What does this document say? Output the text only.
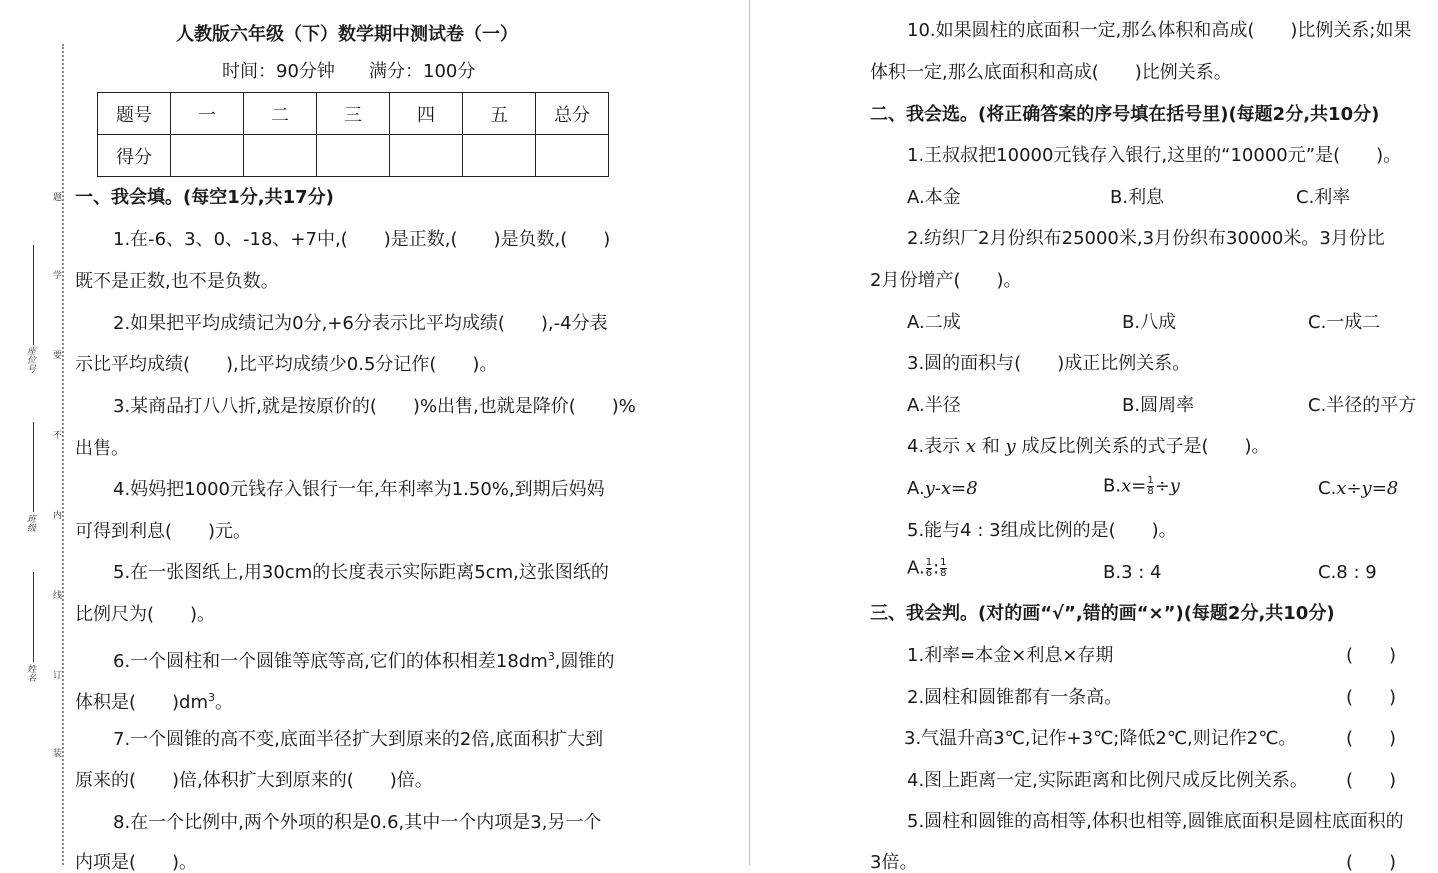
题
学
要
不
内
线
订
装
座位号
班级
姓名
人教版六年级（下）数学期中测试卷（一）
时间：90分钟 满分：100分
题号	一	二	三	四	五	总分
得分						
一、我会填。(每空1分,共17分)
1.在-6、3、0、-18、+7中,(　　)是正数,(　　)是负数,(　　)
既不是正数,也不是负数。
2.如果把平均成绩记为0分,+6分表示比平均成绩(　　),-4分表
示比平均成绩(　　),比平均成绩少0.5分记作(　　)。
3.某商品打八八折,就是按原价的(　　)%出售,也就是降价(　　)%
出售。
4.妈妈把1000元钱存入银行一年,年利率为1.50%,到期后妈妈
可得到利息(　　)元。
5.在一张图纸上,用30cm的长度表示实际距离5cm,这张图纸的
比例尺为(　　)。
6.一个圆柱和一个圆锥等底等高,它们的体积相差$18dm^3$,圆锥的
体积是(　　)$dm^3$。
7.一个圆锥的高不变,底面半径扩大到原来的2倍,底面积扩大到
原来的(　　)倍,体积扩大到原来的(　　)倍。
8.在一个比例中,两个外项的积是0.6,其中一个内项是3,另一个
内项是(　　)。
10.如果圆柱的底面积一定,那么体积和高成(　　)比例关系;如果
体积一定,那么底面积和高成(　　)比例关系。
二、我会选。(将正确答案的序号填在括号里)(每题2分,共10分)
1.王叔叔把10000元钱存入银行,这里的“10000元”是(　　)。
A.本金	B.利息	C.利率
2.纺织厂2月份织布25000米,3月份织布30000米。3月份比
2月份增产(　　)。
A.二成	B.八成	C.一成二
3.圆的面积与(　　)成正比例关系。
A.半径	B.圆周率	C.半径的平方
4.表示 x 和 y 成反比例关系的式子是(　　)。
A.y-x=8	$B.x= \frac{1}{8} \div y$	C.x÷y=8
5.能与4 : 3组成比例的是(　　)。
A. $\frac{1}{6}$ : $\frac{1}{8}$	B.3 : 4	C.8 : 9
三、我会判。(对的画“√”,错的画“×”)(每题2分,共10分)
1.利率=本金×利息×存期	(　　)
2.圆柱和圆锥都有一条高。	(　　)
3.气温升高3℃,记作+3℃;降低2℃,则记作2℃。	(　　)
4.图上距离一定,实际距离和比例尺成反比例关系。 (　　)
5.圆柱和圆锥的高相等,体积也相等,圆锥底面积是圆柱底面积的
3倍。	(　　)
